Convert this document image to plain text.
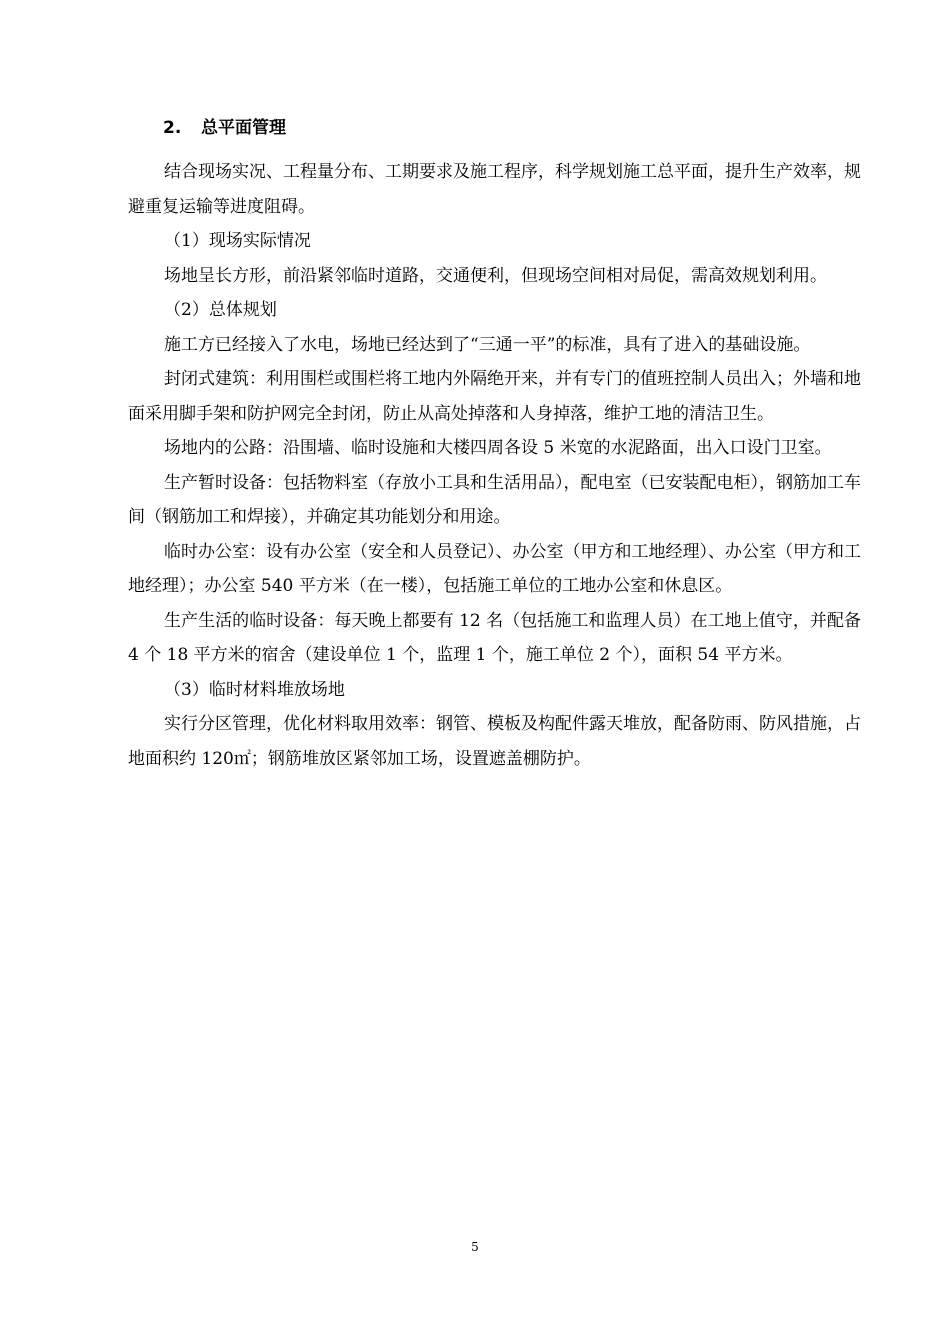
2. 总平面管理

结合现场实况、工程量分布、工期要求及施工程序，科学规划施工总平面，提升生产效率，规避重复运输等进度阻碍。

（1）现场实际情况

场地呈长方形，前沿紧邻临时道路，交通便利，但现场空间相对局促，需高效规划利用。

（2）总体规划

施工方已经接入了水电，场地已经达到了“三通一平”的标准，具有了进入的基础设施。

封闭式建筑：利用围栏或围栏将工地内外隔绝开来，并有专门的值班控制人员出入；外墙和地面采用脚手架和防护网完全封闭，防止从高处掉落和人身掉落，维护工地的清洁卫生。

场地内的公路：沿围墙、临时设施和大楼四周各设 5 米宽的水泥路面，出入口设门卫室。

生产暂时设备：包括物料室（存放小工具和生活用品），配电室（已安装配电柜），钢筋加工车间（钢筋加工和焊接），并确定其功能划分和用途。

临时办公室：设有办公室（安全和人员登记）、办公室（甲方和工地经理）、办公室（甲方和工地经理）；办公室 540 平方米（在一楼），包括施工单位的工地办公室和休息区。

生产生活的临时设备：每天晚上都要有 12 名（包括施工和监理人员）在工地上值守，并配备 4 个 18 平方米的宿舍（建设单位 1 个，监理 1 个，施工单位 2 个），面积 54 平方米。

（3）临时材料堆放场地

实行分区管理，优化材料取用效率：钢管、模板及构配件露天堆放，配备防雨、防风措施，占地面积约 120㎡；钢筋堆放区紧邻加工场，设置遮盖棚防护。

5
